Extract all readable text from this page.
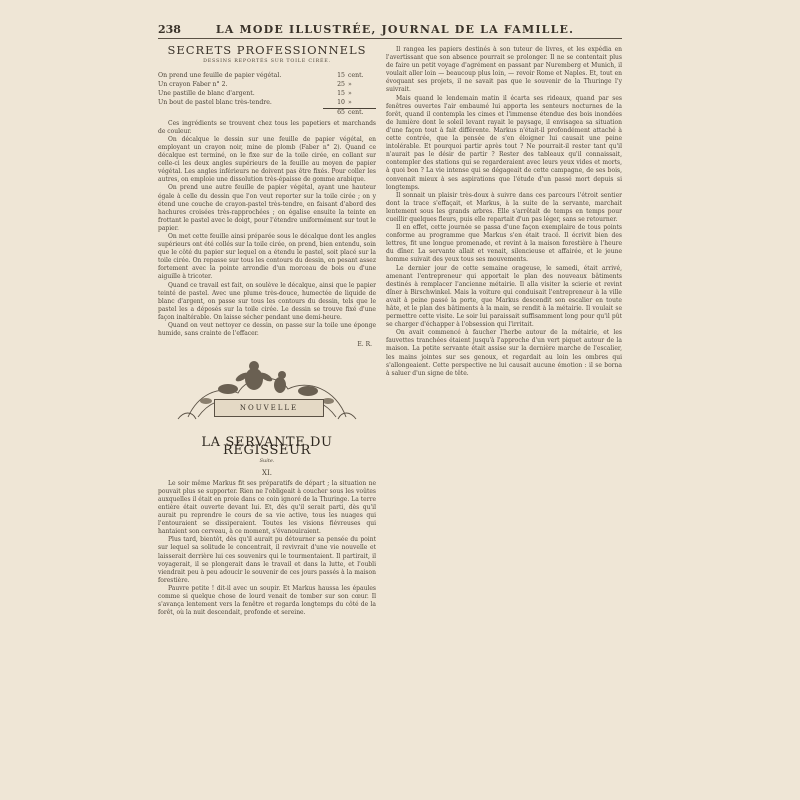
238	LA MODE ILLUSTRÉE, JOURNAL DE LA FAMILLE.
SECRETS PROFESSIONNELS
DESSINS REPORTÉS SUR TOILE CIRÉE.
On prend une feuille de papier végétal.	15	cent.
Un crayon Faber n° 2.	25	»
Une pastille de blanc d'argent.	15	»
Un bout de pastel blanc très-tendre.	10	»
	65	cent.

Ces ingrédients se trouvent chez tous les papetiers et marchands de couleur.

On décalque le dessin sur une feuille de papier végétal, en employant un crayon noir, mine de plomb (Faber n° 2). Quand ce décalque est terminé, on le fixe sur de la toile cirée, en collant sur celle-ci les deux angles supérieurs de la feuille au moyen de papier végétal. Les angles inférieurs ne doivent pas être fixés. Pour coller les autres, on emploie une dissolution très-épaisse de gomme arabique.

On prend une autre feuille de papier végétal, ayant une hauteur égale à celle du dessin que l'on veut reporter sur la toile cirée ; on y étend une couche de crayon-pastel très-tendre, en faisant d'abord des hachures croisées très-rapprochées ; on égalise ensuite la teinte en frottant le pastel avec le doigt, pour l'étendre uniformément sur tout le papier.

On met cette feuille ainsi préparée sous le décalque dont les angles supérieurs ont été collés sur la toile cirée, on prend, bien entendu, soin que le côté du papier sur lequel on a étendu le pastel, soit placé sur la toile cirée. On repasse sur tous les contours du dessin, en pesant assez fortement avec la pointe arrondie d'un morceau de bois ou d'une aiguille à tricoter.

Quand ce travail est fait, on soulève le décalque, ainsi que le papier teinté de pastel. Avec une plume très-douce, humectée de liquide de blanc d'argent, on passe sur tous les contours du dessin, tels que le pastel les a déposés sur la toile cirée. Le dessin se trouve fixé d'une façon inaltérable. On laisse sécher pendant une demi-heure.

Quand on veut nettoyer ce dessin, on passe sur la toile une éponge humide, sans crainte de l'effacer.

E. R.
NOUVELLE
LA SERVANTE DU RÉGISSEUR
Suite.
XI.

Le soir même Markus fit ses préparatifs de départ ; la situation ne pouvait plus se supporter. Rien ne l'obligeait à coucher sous les voûtes auxquelles il était en proie dans ce coin ignoré de la Thuringe. La terre entière était ouverte devant lui. Et, dès qu'il serait parti, dès qu'il aurait pu reprendre le cours de sa vie active, tous les nuages qui l'entouraient se dissiperaient. Toutes les visions fiévreuses qui hantaient son cerveau, à ce moment, s'évanouiraient.

Plus tard, bientôt, dès qu'il aurait pu détourner sa pensée du point sur lequel sa solitude le concentrait, il revivrait d'une vie nouvelle et laisserait derrière lui ces souvenirs qui le tourmentaient. Il partirait, il voyagerait, il se plongerait dans le travail et dans la lutte, et l'oubli viendrait peu à peu adoucir le souvenir de ces jours passés à la maison forestière.

Pauvre petite ! dit-il avec un soupir. Et Markus haussa les épaules comme si quelque chose de lourd venait de tomber sur son cœur. Il s'avança lentement vers la fenêtre et regarda longtemps du côté de la forêt, où la nuit descendait, profonde et sereine.

Il rangea les papiers destinés à son tuteur de livres, et les expédia en l'avertissant que son absence pourrait se prolonger. Il ne se contentait plus de faire un petit voyage d'agrément en passant par Nuremberg et Munich, il voulait aller loin — beaucoup plus loin, — revoir Rome et Naples. Et, tout en évoquant ses projets, il ne savait pas que le souvenir de la Thuringe l'y suivrait.

Mais quand le lendemain matin il écarta ses rideaux, quand par ses fenêtres ouvertes l'air embaumé lui apporta les senteurs nocturnes de la forêt, quand il contempla les cimes et l'immense étendue des bois inondées de lumière dont le soleil levant rayait le paysage, il envisagea sa situation d'une façon tout à fait différente. Markus n'était-il profondément attaché à cette contrée, que la pensée de s'en éloigner lui causait une peine intolérable. Et pourquoi partir après tout ? Ne pourrait-il rester tant qu'il n'aurait pas le désir de partir ? Rester des tableaux qu'il connaissait, contempler des stations qui se regarderaient avec leurs yeux vides et morts, à quoi bon ? La vie intense qui se dégageait de cette campagne, de ses bois, convenait mieux à ses aspirations que l'étude d'un passé mort depuis si longtemps.

Il sonnait un plaisir très-doux à suivre dans ces parcours l'étroit sentier dont la trace s'effaçait, et Markus, à la suite de la servante, marchait lentement sous les grands arbres. Elle s'arrêtait de temps en temps pour cueillir quelques fleurs, puis elle repartait d'un pas léger, sans se retourner.

Il en effet, cette journée se passa d'une façon exemplaire de tous points conforme au programme que Markus s'en était tracé. Il écrivit bien des lettres, fit une longue promenade, et revint à la maison forestière à l'heure du dîner. La servante allait et venait, silencieuse et affairée, et le jeune homme suivait des yeux tous ses mouvements.

Le dernier jour de cette semaine orageuse, le samedi, était arrivé, amenant l'entrepreneur qui apportait le plan des nouveaux bâtiments destinés à remplacer l'ancienne métairie. Il alla visiter la scierie et revint dîner à Birschwinkel. Mais la voiture qui conduisait l'entrepreneur à la ville avait à peine passé la porte, que Markus descendit son escalier en toute hâte, et le plan des bâtiments à la main, se rendit à la métairie. Il voulait se permettre cette visite. Le soir lui paraissait suffisamment long pour qu'il pût se charger d'échapper à l'obsession qui l'irritait.

On avait commencé à faucher l'herbe autour de la métairie, et les fauvettes tranchées étaient jusqu'à l'approche d'un vert piquet autour de la maison. La petite servante était assise sur la dernière marche de l'escalier, les mains jointes sur ses genoux, et regardait au loin les ombres qui s'allongeaient. Cette perspective ne lui causait aucune émotion : il se borna à saluer d'un signe de tête.
